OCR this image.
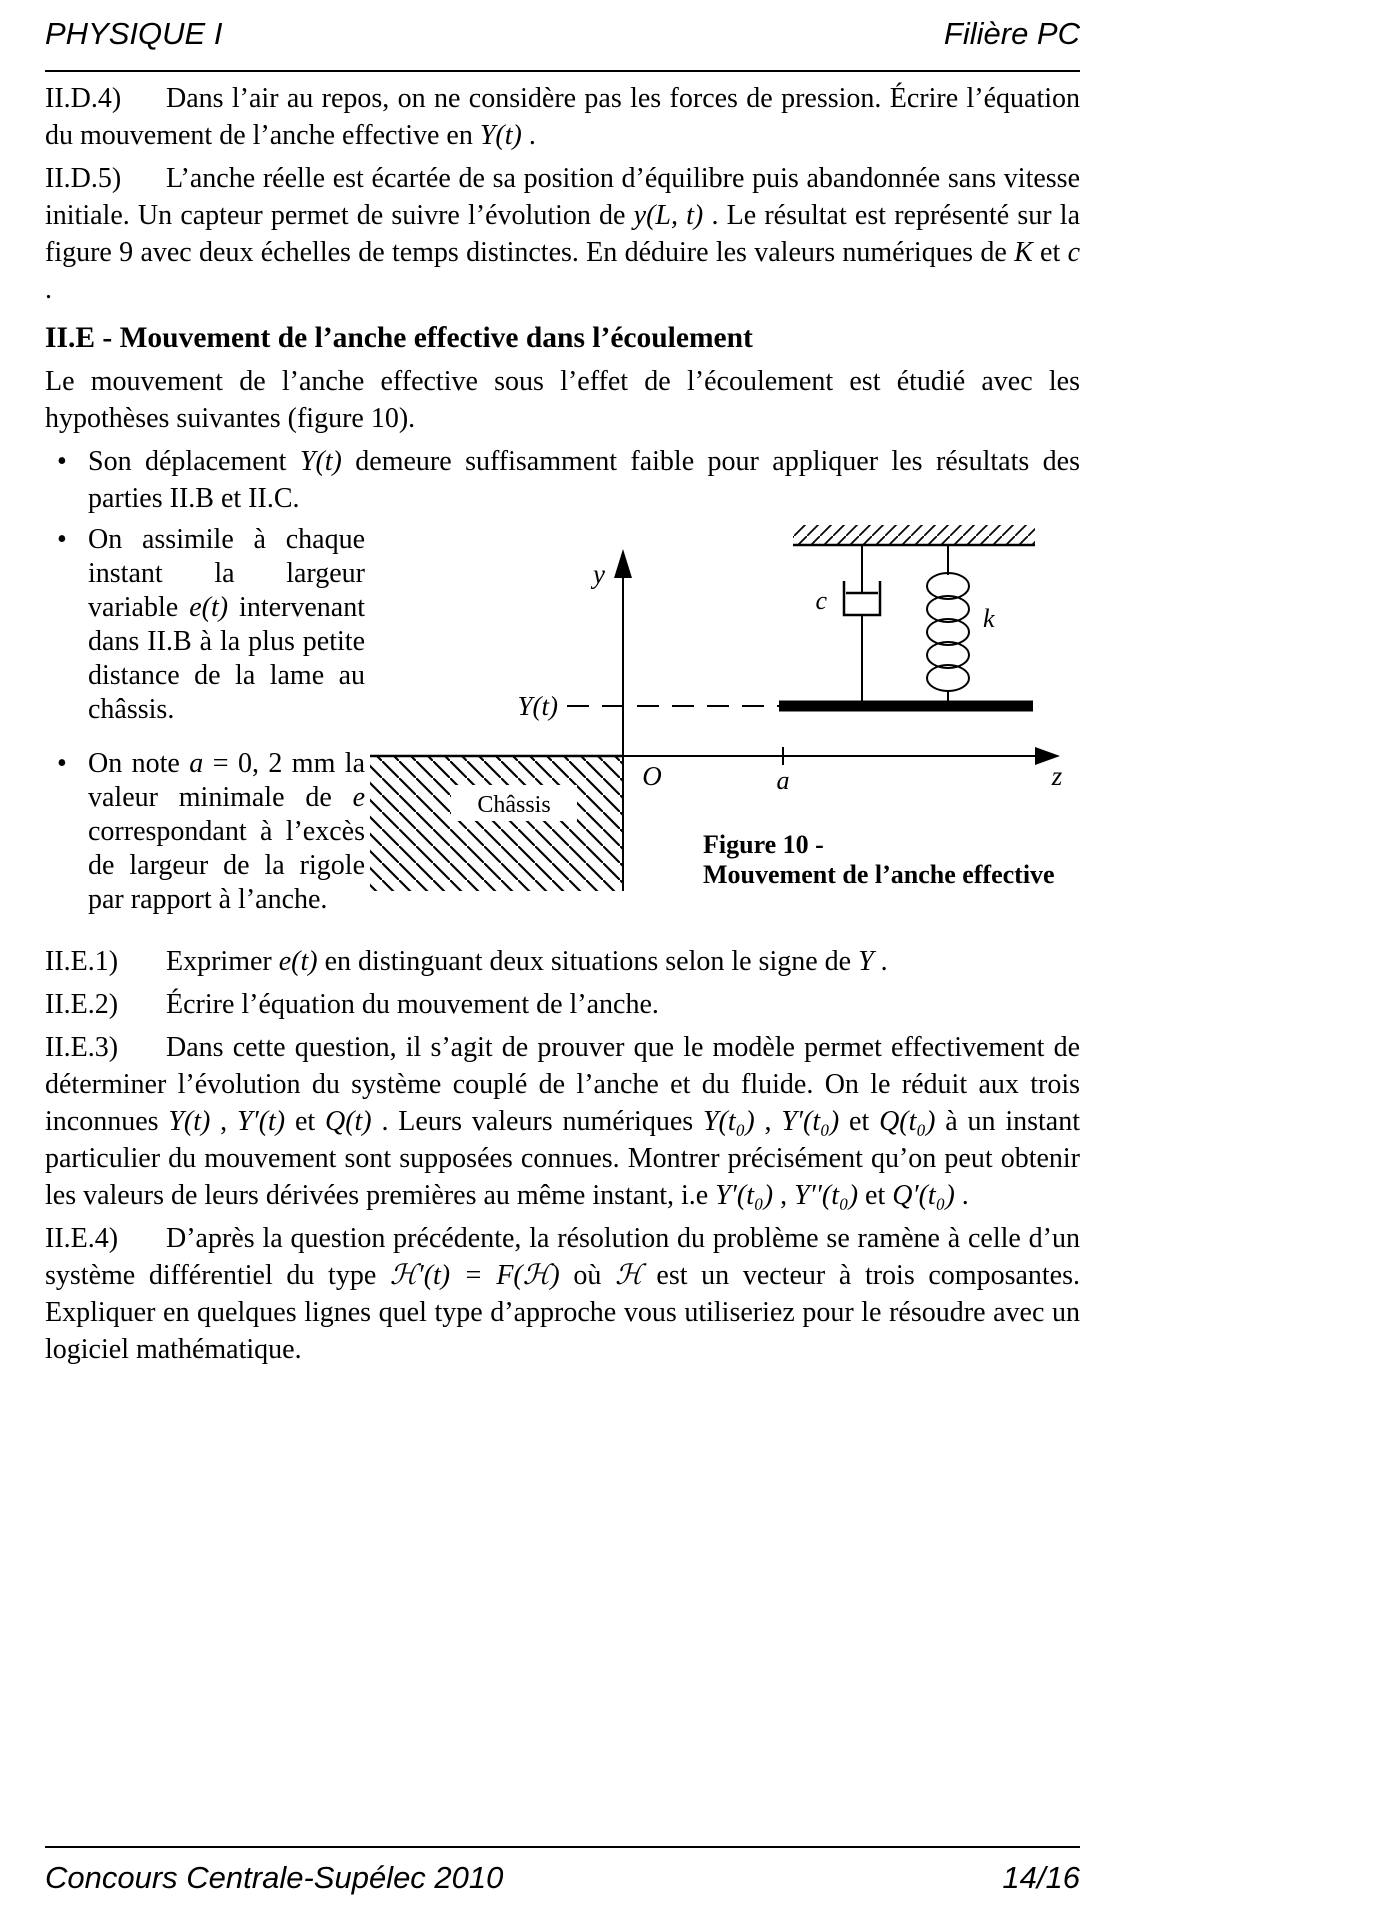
PHYSIQUE I	Filière PC

II.D.4) Dans l’air au repos, on ne considère pas les forces de pression. Écrire l’équation du mouvement de l’anche effective en Y(t) .

II.D.5) L’anche réelle est écartée de sa position d’équilibre puis abandonnée sans vitesse initiale. Un capteur permet de suivre l’évolution de y(L, t) . Le résultat est représenté sur la figure 9 avec deux échelles de temps distinctes. En déduire les valeurs numériques de K et c .

II.E - Mouvement de l’anche effective dans l’écoulement

Le mouvement de l’anche effective sous l’effet de l’écoulement est étudié avec les hypothèses suivantes (figure 10).

• Son déplacement Y(t) demeure suffisamment faible pour appliquer les résultats des parties II.B et II.C.
• On assimile à chaque instant la largeur variable e(t) intervenant dans II.B à la plus petite distance de la lame au châssis.
• On note a = 0, 2 mm la valeur minimale de e correspondant à l’excès de largeur de la rigole par rapport à l’anche.
Châssis
y
z
O
Y(t)
a
c
k
Figure 10 -
Mouvement de l’anche effective

II.E.1) Exprimer e(t) en distinguant deux situations selon le signe de Y .

II.E.2) Écrire l’équation du mouvement de l’anche.

II.E.3) Dans cette question, il s’agit de prouver que le modèle permet effectivement de déterminer l’évolution du système couplé de l’anche et du fluide. On le réduit aux trois inconnues Y(t) , Y′(t) et Q(t) . Leurs valeurs numériques Y(t₀) , Y′(t₀) et Q(t₀) à un instant particulier du mouvement sont supposées connues. Montrer précisément qu’on peut obtenir les valeurs de leurs dérivées premières au même instant, i.e Y′(t₀) , Y′′(t₀) et Q′(t₀) .

II.E.4) D’après la question précédente, la résolution du problème se ramène à celle d’un système différentiel du type ℋ′(t) = F(ℋ) où ℋ est un vecteur à trois composantes. Expliquer en quelques lignes quel type d’approche vous utiliseriez pour le résoudre avec un logiciel mathématique.

Concours Centrale-Supélec 2010	14/16
